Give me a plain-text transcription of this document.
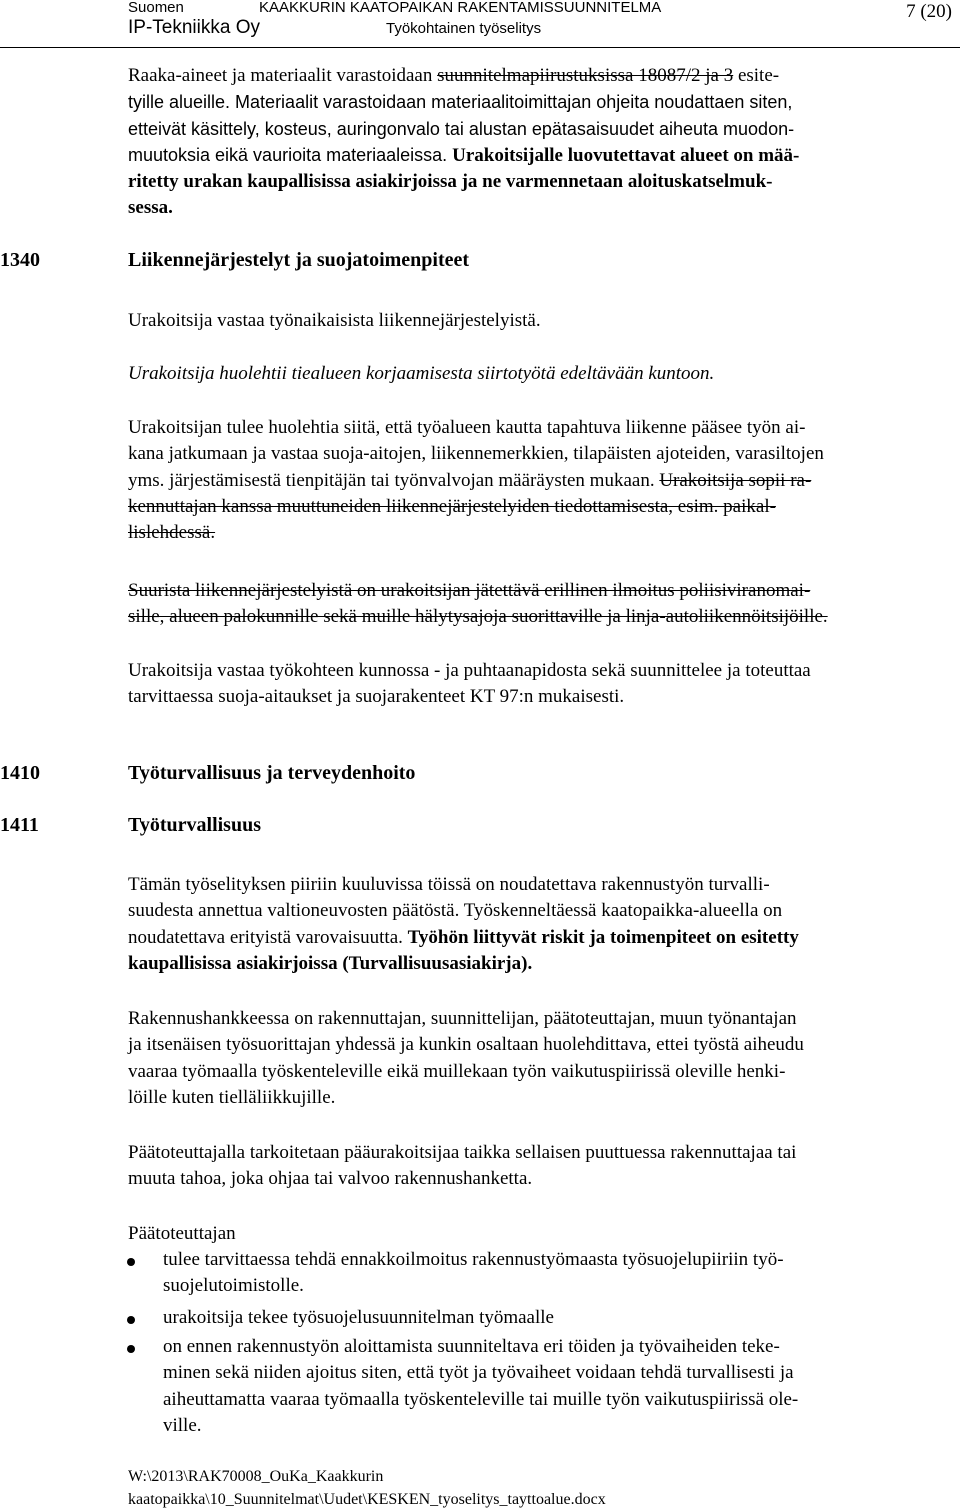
Suomen
IP-Tekniikka Oy
KAAKKURIN KAATOPAIKAN RAKENTAMISSUUNNITELMA
Työkohtainen työselitys
7 (20)
Raaka-aineet ja materiaalit varastoidaan suunnitelmapiirustuksissa 18087/2 ja 3 esite-
tyille alueille. Materiaalit varastoidaan materiaalitoimittajan ohjeita noudattaen siten,
etteivät käsittely, kosteus, auringonvalo tai alustan epätasaisuudet aiheuta muodon-
muutoksia eikä vaurioita materiaaleissa. Urakoitsijalle luovutettavat alueet on mää-
ritetty urakan kaupallisissa asiakirjoissa ja ne varmennetaan aloituskatselmuk-
sessa.
1340	Liikennejärjestelyt ja suojatoimenpiteet
Urakoitsija vastaa työnaikaisista liikennejärjestelyistä.
Urakoitsija huolehtii tiealueen korjaamisesta siirtotyötä edeltävään kuntoon.
Urakoitsijan tulee huolehtia siitä, että työalueen kautta tapahtuva liikenne pääsee työn ai-
kana jatkumaan ja vastaa suoja-aitojen, liikennemerkkien, tilapäisten ajoteiden, varasiltojen
yms. järjestämisestä tienpitäjän tai työnvalvojan määräysten mukaan. Urakoitsija sopii ra-
kennuttajan kanssa muuttuneiden liikennejärjestelyiden tiedottamisesta, esim. paikal-
lislehdessä.
Suurista liikennejärjestelyistä on urakoitsijan jätettävä erillinen ilmoitus poliisiviranomai-
sille, alueen palokunnille sekä muille hälytysajoja suorittaville ja linja-autoliikennöitsijöille.
Urakoitsija vastaa työkohteen kunnossa - ja puhtaanapidosta sekä suunnittelee ja toteuttaa
tarvittaessa suoja-aitaukset ja suojarakenteet KT 97:n mukaisesti.
1410	Työturvallisuus ja terveydenhoito
1411	Työturvallisuus
Tämän työselityksen piiriin kuuluvissa töissä on noudatettava rakennustyön turvalli-
suudesta annettua valtioneuvosten päätöstä. Työskenneltäessä kaatopaikka-alueella on
noudatettava erityistä varovaisuutta. Työhön liittyvät riskit ja toimenpiteet on esitetty
kaupallisissa asiakirjoissa (Turvallisuusasiakirja).
Rakennushankkeessa on rakennuttajan, suunnittelijan, päätoteuttajan, muun työnantajan
ja itsenäisen työsuorittajan yhdessä ja kunkin osaltaan huolehdittava, ettei työstä aiheudu
vaaraa työmaalla työskenteleville eikä muillekaan työn vaikutuspiirissä oleville henki-
löille kuten tielläliikkujille.
Päätoteuttajalla tarkoitetaan pääurakoitsijaa taikka sellaisen puuttuessa rakennuttajaa tai
muuta tahoa, joka ohjaa tai valvoo rakennushanketta.
Päätoteuttajan
tulee tarvittaessa tehdä ennakkoilmoitus rakennustyömaasta työsuojelupiiriin työ-
suojelutoimistolle.
urakoitsija tekee työsuojelusuunnitelman työmaalle
on ennen rakennustyön aloittamista suunniteltava eri töiden ja työvaiheiden teke-
minen sekä niiden ajoitus siten, että työt ja työvaiheet voidaan tehdä turvallisesti ja
aiheuttamatta vaaraa työmaalla työskenteleville tai muille työn vaikutuspiirissä ole-
ville.
W:\2013\RAK70008_OuKa_Kaakkurin
kaatopaikka\10_Suunnitelmat\Uudet\KESKEN_tyoselitys_tayttoalue.docx
